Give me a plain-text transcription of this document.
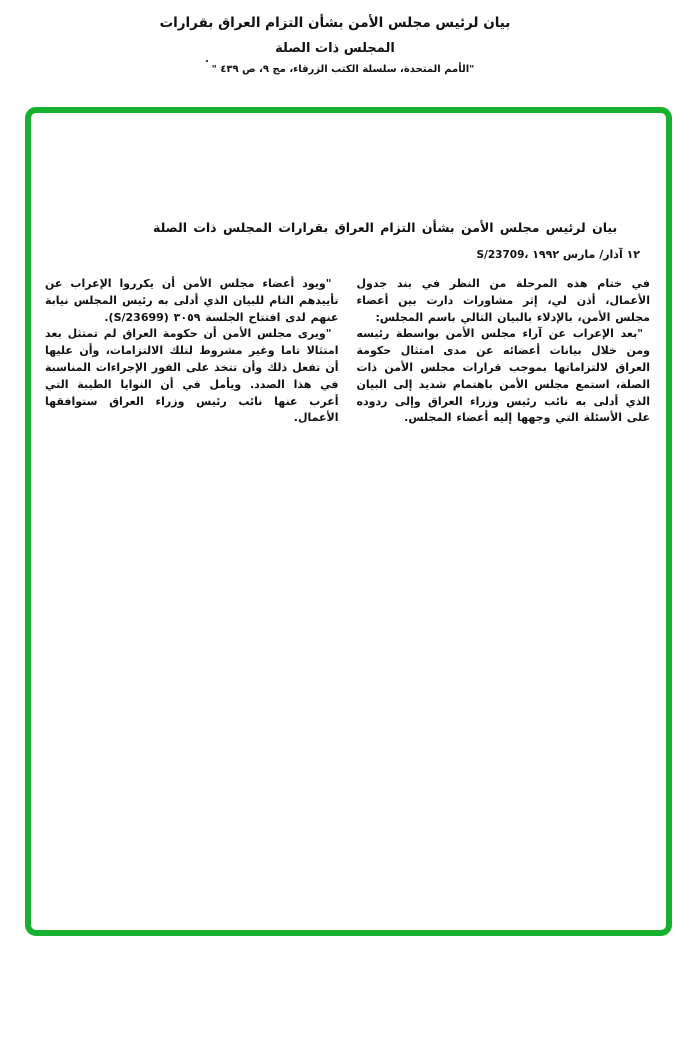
بيان لرئيس مجلس الأمن بشأن التزام العراق بقرارات
المجلس ذات الصلة
"الأمم المتحدة، سلسلة الكتب الزرقاء، مج ٩، ص ٤٣٩ "
.
بيان لرئيس مجلس الأمن بشأن التزام العراق بقرارات المجلس ذات الصلة
١٢ آذار/ مارس ١٩٩٢ S/23709،

في ختام هذه المرحلة من النظر في بند جدول الأعمال، أذن لي، إثر مشاورات دارت بين أعضاء مجلس الأمن، بالإدلاء بالبيان التالي باسم المجلس:

"بعد الإعراب عن آراء مجلس الأمن بواسطة رئيسه ومن خلال بيانات أعضائه عن مدى امتثال حكومة العراق لالتزاماتها بموجب قرارات مجلس الأمن ذات الصلة، استمع مجلس الأمن باهتمام شديد إلى البيان الذي أدلى به نائب رئيس وزراء العراق وإلى ردوده على الأسئلة التي وجهها إليه أعضاء المجلس.

"ويود أعضاء مجلس الأمن أن يكرروا الإعراب عن تأييدهم التام للبيان الذي أدلى به رئيس المجلس نيابة عنهم لدى افتتاح الجلسة ٣٠٥٩ (S/23699).

"ويرى مجلس الأمن أن حكومة العراق لم تمتثل بعد امتثالا تاما وغير مشروط لتلك الالتزامات، وأن عليها أن تفعل ذلك وأن تتخذ على الفور الإجراءات المناسبة في هذا الصدد. ويأمل في أن النوايا الطيبة التي أعرب عنها نائب رئيس وزراء العراق ستوافقها الأعمال.
